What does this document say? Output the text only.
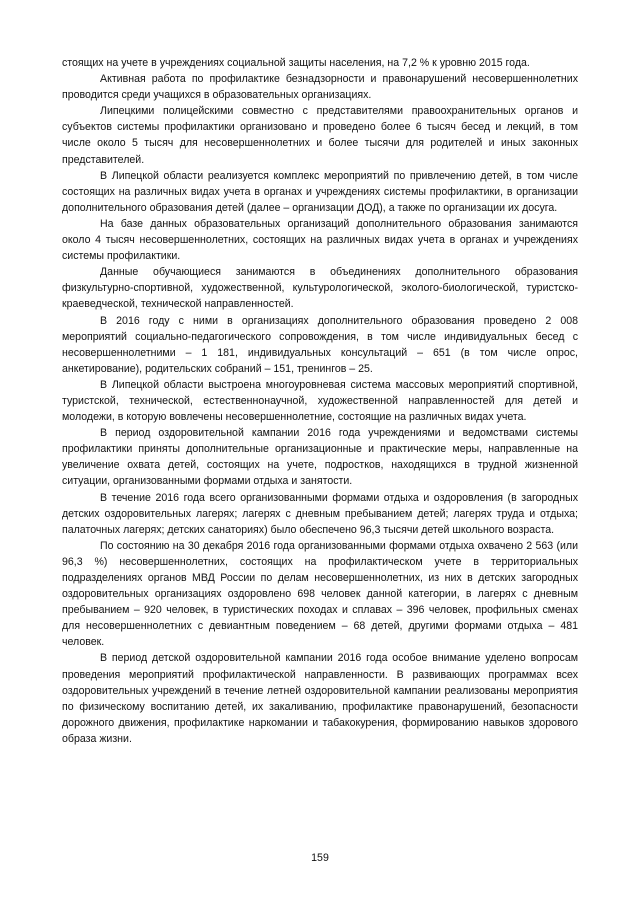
стоящих на учете в учреждениях социальной защиты населения, на 7,2 % к уровню 2015 года.

Активная работа по профилактике безнадзорности и правонарушений несовершеннолетних проводится среди учащихся в образовательных организациях.

Липецкими полицейскими совместно с представителями правоохранительных органов и субъектов системы профилактики организовано и проведено более 6 тысяч бесед и лекций, в том числе около 5 тысяч для несовершеннолетних и более тысячи для родителей и иных законных представителей.

В Липецкой области реализуется комплекс мероприятий по привлечению детей, в том числе состоящих на различных видах учета в органах и учреждениях системы профилактики, в организации дополнительного образования детей (далее – организации ДОД), а также по организации их досуга.

На базе данных образовательных организаций дополнительного образования занимаются около 4 тысяч несовершеннолетних, состоящих на различных видах учета в органах и учреждениях системы профилактики.

Данные обучающиеся занимаются в объединениях дополнительного образования физкультурно-спортивной, художественной, культурологической, эколого-биологической, туристско-краеведческой, технической направленностей.

В 2016 году с ними в организациях дополнительного образования проведено 2 008 мероприятий социально-педагогического сопровождения, в том числе индивидуальных бесед с несовершеннолетними – 1 181, индивидуальных консультаций – 651 (в том числе опрос, анкетирование), родительских собраний – 151, тренингов – 25.

В Липецкой области выстроена многоуровневая система массовых мероприятий спортивной, туристской, технической, естественнонаучной, художественной направленностей для детей и молодежи, в которую вовлечены несовершеннолетние, состоящие на различных видах учета.

В период оздоровительной кампании 2016 года учреждениями и ведомствами системы профилактики приняты дополнительные организационные и практические меры, направленные на увеличение охвата детей, состоящих на учете, подростков, находящихся в трудной жизненной ситуации, организованными формами отдыха и занятости.

В течение 2016 года всего организованными формами отдыха и оздоровления (в загородных детских оздоровительных лагерях; лагерях с дневным пребыванием детей; лагерях труда и отдыха; палаточных лагерях; детских санаториях) было обеспечено 96,3 тысячи детей школьного возраста.

По состоянию на 30 декабря 2016 года организованными формами отдыха охвачено 2 563 (или 96,3 %) несовершеннолетних, состоящих на профилактическом учете в территориальных подразделениях органов МВД России по делам несовершеннолетних, из них в детских загородных оздоровительных организациях оздоровлено 698 человек данной категории, в лагерях с дневным пребыванием – 920 человек, в туристических походах и сплавах – 396 человек, профильных сменах для несовершеннолетних с девиантным поведением – 68 детей, другими формами отдыха – 481 человек.

В период детской оздоровительной кампании 2016 года особое внимание уделено вопросам проведения мероприятий профилактической направленности. В развивающих программах всех оздоровительных учреждений в течение летней оздоровительной кампании реализованы мероприятия по физическому воспитанию детей, их закаливанию, профилактике правонарушений, безопасности дорожного движения, профилактике наркомании и табакокурения, формированию навыков здорового образа жизни.

159
